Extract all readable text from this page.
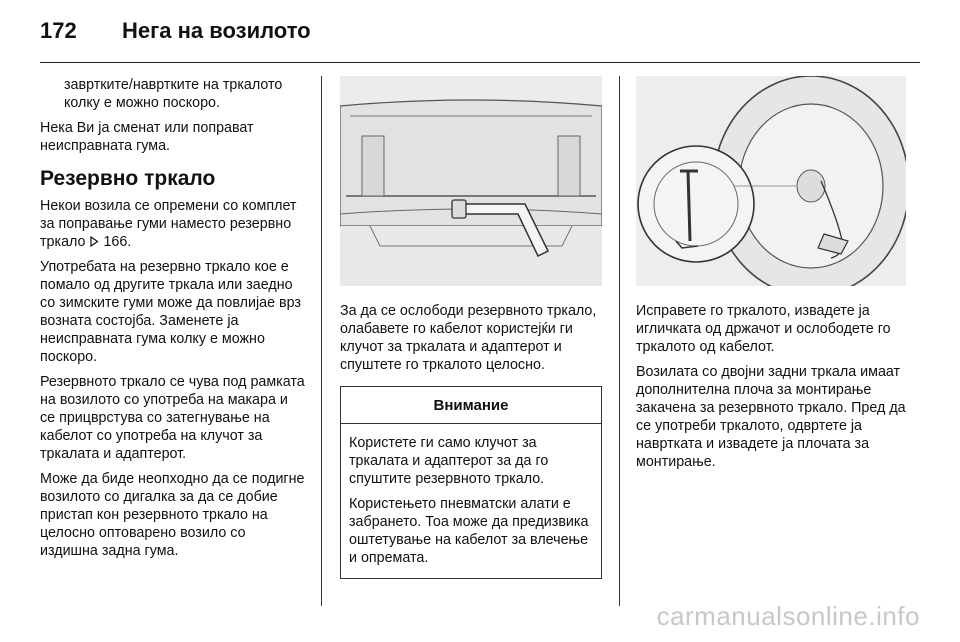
172 Нега на возилото

завртките/навртките на тркалото колку е можно поскоро.

Нека Ви ја сменат или поправат неисправната гума.

Резервно тркало

Некои возила се опремени со комплет за поправање гуми наместо резервно тркало 166.

Употребата на резервно тркало кое е помало од другите тркала или заедно со зимските гуми може да повлијае врз возната состојба. Заменете ја неисправната гума колку е можно поскоро.

Резервното тркало се чува под рамката на возилото со употреба на макара и се прицврстува со затегнување на кабелот со употреба на клучот за тркалата и адаптерот.

Може да биде неопходно да се подигне возилото со дигалка за да се добие пристап кон резервното тркало на целосно оптоварено возило со издишна задна гума.

За да се ослободи резервното тркало, олабавете го кабелот користејќи ги клучот за тркалата и адаптерот и спуштете го тркалото целосно.

Внимание

Користете ги само клучот за тркалата и адаптерот за да го спуштите резервното тркало.

Користењето пневматски алати е забрането. Тоа може да предизвика оштетување на кабелот за влечење и опремата.

Исправете го тркалото, извадете ја игличката од држачот и ослободете го тркалото од кабелот.

Возилата со двојни задни тркала имаат дополнителна плоча за монтирање закачена за резервното тркало. Пред да се употреби тркалото, одвртете ја навртката и извадете ја плочата за монтирање.

carmanualsonline.info
